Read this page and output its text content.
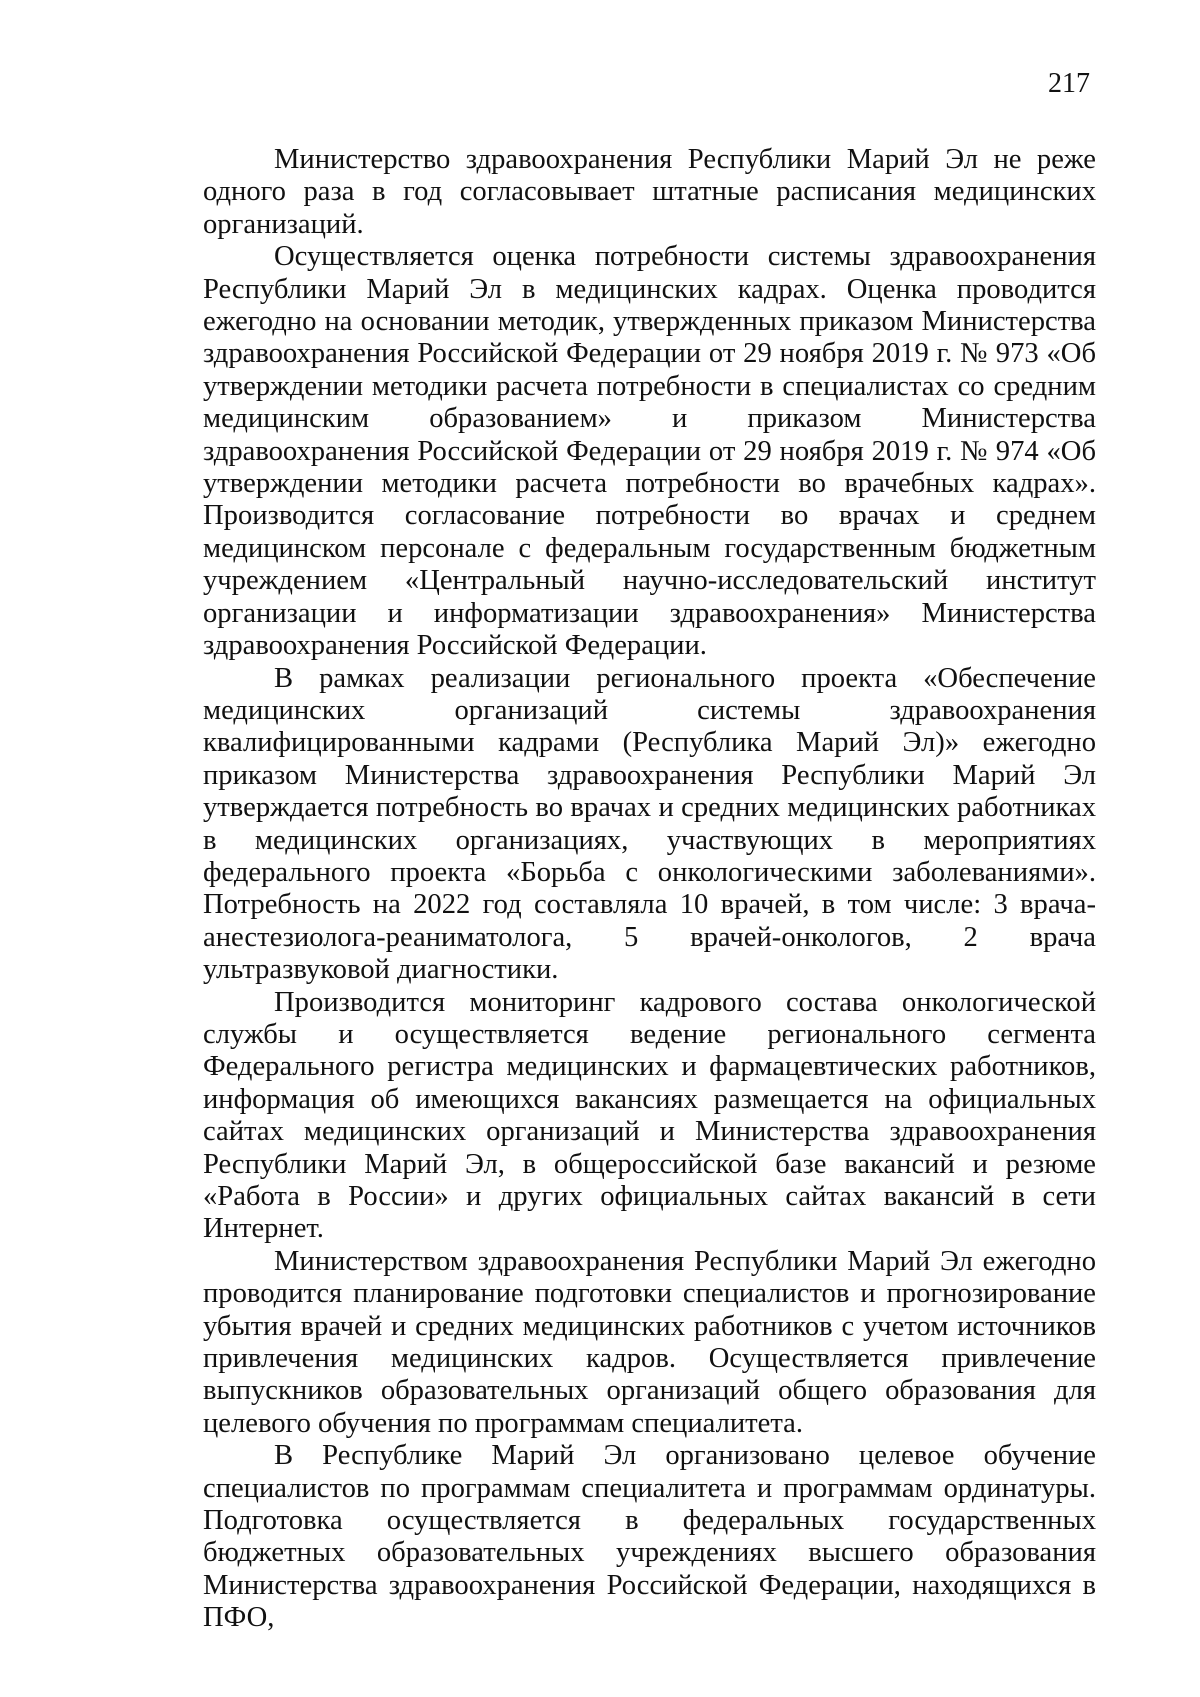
217

Министерство здравоохранения Республики Марий Эл не реже одного раза в год согласовывает штатные расписания медицинских организаций.

Осуществляется оценка потребности системы здравоохранения Республики Марий Эл в медицинских кадрах. Оценка проводится ежегодно на основании методик, утвержденных приказом Министерства здравоохранения Российской Федерации от 29 ноября 2019 г. № 973 «Об утверждении методики расчета потребности в специалистах со средним медицинским образованием» и приказом Министерства здравоохранения Российской Федерации от 29 ноября 2019 г. № 974 «Об утверждении методики расчета потребности во врачебных кадрах». Производится согласование потребности во врачах и среднем медицинском персонале с федеральным государственным бюджетным учреждением «Центральный научно-исследовательский институт организации и информатизации здравоохранения» Министерства здравоохранения Российской Федерации.

В рамках реализации регионального проекта «Обеспечение медицинских организаций системы здравоохранения квалифицированными кадрами (Республика Марий Эл)» ежегодно приказом Министерства здравоохранения Республики Марий Эл утверждается потребность во врачах и средних медицинских работниках в медицинских организациях, участвующих в мероприятиях федерального проекта «Борьба с онкологическими заболеваниями». Потребность на 2022 год составляла 10 врачей, в том числе: 3 врача-анестезиолога-реаниматолога, 5 врачей-онкологов, 2 врача ультразвуковой диагностики.

Производится мониторинг кадрового состава онкологической службы и осуществляется ведение регионального сегмента Федерального регистра медицинских и фармацевтических работников, информация об имеющихся вакансиях размещается на официальных сайтах медицинских организаций и Министерства здравоохранения Республики Марий Эл, в общероссийской базе вакансий и резюме «Работа в России» и других официальных сайтах вакансий в сети Интернет.

Министерством здравоохранения Республики Марий Эл ежегодно проводится планирование подготовки специалистов и прогнозирование убытия врачей и средних медицинских работников с учетом источников привлечения медицинских кадров. Осуществляется привлечение выпускников образовательных организаций общего образования для целевого обучения по программам специалитета.

В Республике Марий Эл организовано целевое обучение специалистов по программам специалитета и программам ординатуры. Подготовка осуществляется в федеральных государственных бюджетных образовательных учреждениях высшего образования Министерства здравоохранения Российской Федерации, находящихся в ПФО,
